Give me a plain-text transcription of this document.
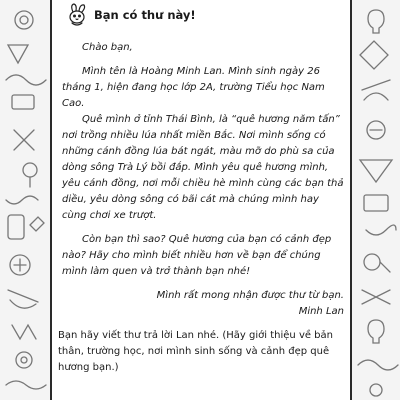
Bạn có thư này!

Chào bạn,

Mình tên là Hoàng Minh Lan. Mình sinh ngày 26 tháng 1, hiện đang học lớp 2A, trường Tiểu học Nam Cao.

Quê mình ở tỉnh Thái Bình, là “quê hương năm tấn” nơi trồng nhiều lúa nhất miền Bắc. Nơi mình sống có những cánh đồng lúa bát ngát, màu mỡ do phù sa của dòng sông Trà Lý bồi đắp. Mình yêu quê hương mình, yêu cánh đồng, nơi mỗi chiều hè mình cùng các bạn thả diều, yêu dòng sông có bãi cát mà chúng mình hay cùng chơi xe trượt.

Còn bạn thì sao? Quê hương của bạn có cảnh đẹp nào? Hãy cho mình biết nhiều hơn về bạn để chúng mình làm quen và trở thành bạn nhé!

Mình rất mong nhận được thư từ bạn.

Minh Lan

Bạn hãy viết thư trả lời Lan nhé. (Hãy giới thiệu về bản thân, trường học, nơi mình sinh sống và cảnh đẹp quê hương bạn.)
